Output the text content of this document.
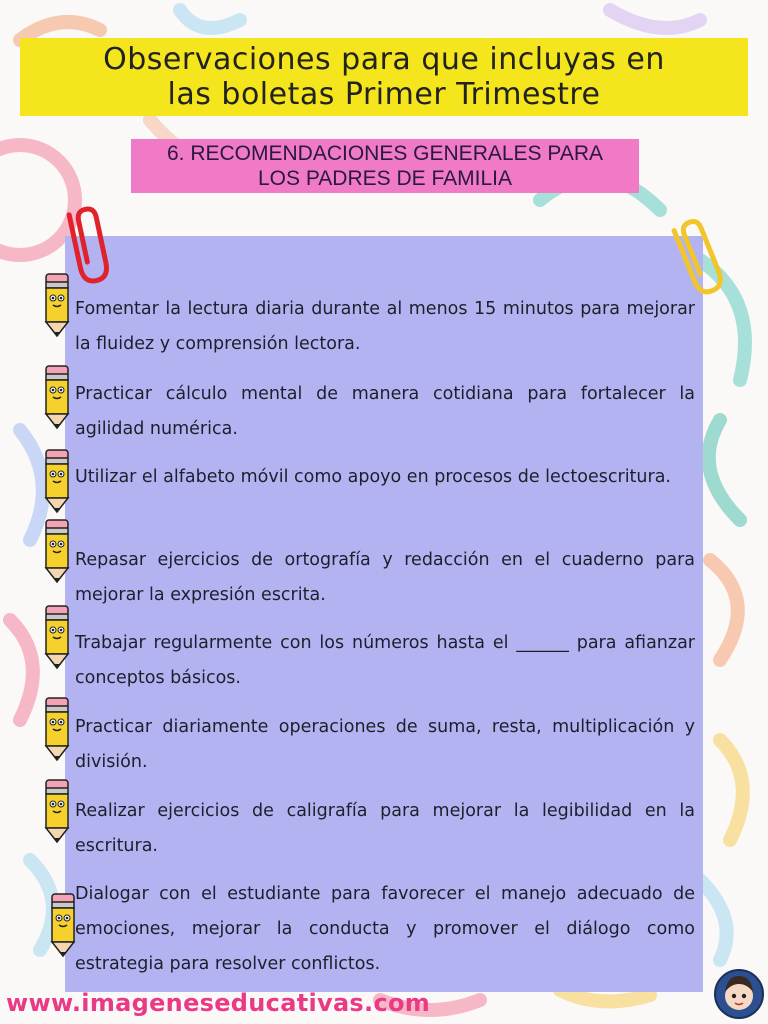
Observaciones para que incluyas en
las boletas Primer Trimestre
6. RECOMENDACIONES GENERALES PARA
LOS PADRES DE FAMILIA
Fomentar la lectura diaria durante al menos 15 minutos para mejorar la fluidez y comprensión lectora.
Practicar cálculo mental de manera cotidiana para fortalecer la agilidad numérica.
Utilizar el alfabeto móvil como apoyo en procesos de lectoescritura.
Repasar ejercicios de ortografía y redacción en el cuaderno para mejorar la expresión escrita.
Trabajar regularmente con los números hasta el ______ para afianzar conceptos básicos.
Practicar diariamente operaciones de suma, resta, multiplicación y división.
Realizar ejercicios de caligrafía para mejorar la legibilidad en la escritura.
Dialogar con el estudiante para favorecer el manejo adecuado de emociones, mejorar la conducta y promover el diálogo como estrategia para resolver conflictos.
www.imageneseducativas.com
